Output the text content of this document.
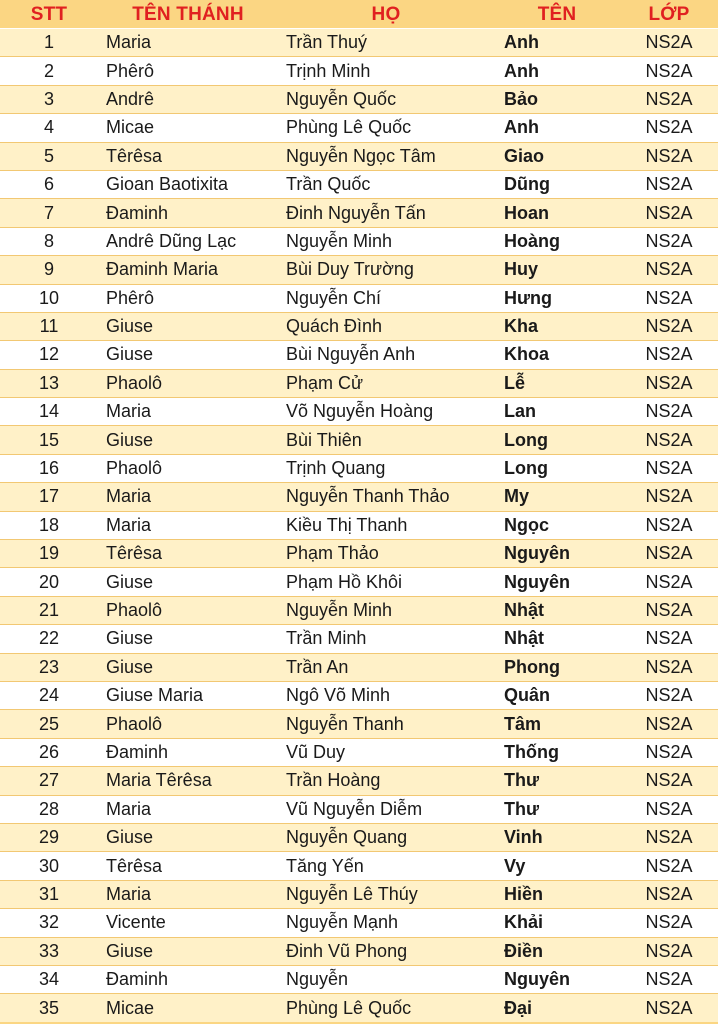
STT	TÊN THÁNH	HỌ	TÊN	LỚP
1	Maria	Trần Thuý	Anh	NS2A
2	Phêrô	Trịnh Minh	Anh	NS2A
3	Andrê	Nguyễn Quốc	Bảo	NS2A
4	Micae	Phùng Lê Quốc	Anh	NS2A
5	Têrêsa	Nguyễn Ngọc Tâm	Giao	NS2A
6	Gioan Baotixita	Trần Quốc	Dũng	NS2A
7	Đaminh	Đinh Nguyễn Tấn	Hoan	NS2A
8	Andrê Dũng Lạc	Nguyễn Minh	Hoàng	NS2A
9	Đaminh Maria	Bùi Duy Trường	Huy	NS2A
10	Phêrô	Nguyễn Chí	Hưng	NS2A
11	Giuse	Quách Đình	Kha	NS2A
12	Giuse	Bùi Nguyễn Anh	Khoa	NS2A
13	Phaolô	Phạm Cử	Lễ	NS2A
14	Maria	Võ Nguyễn Hoàng	Lan	NS2A
15	Giuse	Bùi Thiên	Long	NS2A
16	Phaolô	Trịnh Quang	Long	NS2A
17	Maria	Nguyễn Thanh Thảo	My	NS2A
18	Maria	Kiều Thị Thanh	Ngọc	NS2A
19	Têrêsa	Phạm Thảo	Nguyên	NS2A
20	Giuse	Phạm Hồ Khôi	Nguyên	NS2A
21	Phaolô	Nguyễn Minh	Nhật	NS2A
22	Giuse	Trần Minh	Nhật	NS2A
23	Giuse	Trần An	Phong	NS2A
24	Giuse Maria	Ngô Võ Minh	Quân	NS2A
25	Phaolô	Nguyễn Thanh	Tâm	NS2A
26	Đaminh	Vũ Duy	Thống	NS2A
27	Maria Têrêsa	Trần Hoàng	Thư	NS2A
28	Maria	Vũ Nguyễn Diễm	Thư	NS2A
29	Giuse	Nguyễn Quang	Vinh	NS2A
30	Têrêsa	Tăng Yến	Vy	NS2A
31	Maria	Nguyễn Lê Thúy	Hiền	NS2A
32	Vicente	Nguyễn Mạnh	Khải	NS2A
33	Giuse	Đinh Vũ Phong	Điền	NS2A
34	Đaminh	Nguyễn	Nguyên	NS2A
35	Micae	Phùng Lê Quốc	Đại	NS2A
